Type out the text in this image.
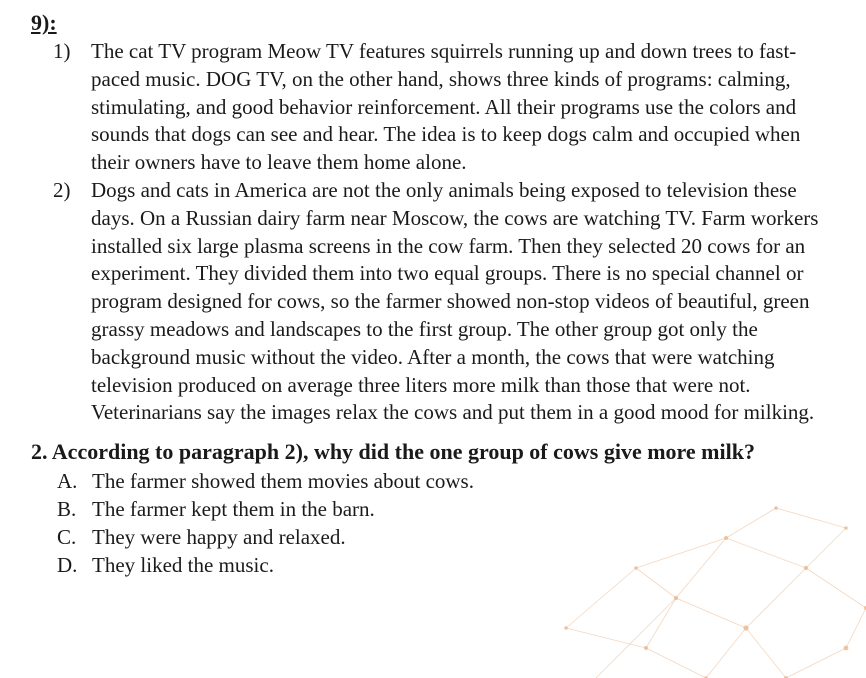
9):
1) The cat TV program Meow TV features squirrels running up and down trees to fast-paced music. DOG TV, on the other hand, shows three kinds of programs: calming, stimulating, and good behavior reinforcement. All their programs use the colors and sounds that dogs can see and hear. The idea is to keep dogs calm and occupied when their owners have to leave them home alone.
2) Dogs and cats in America are not the only animals being exposed to television these days. On a Russian dairy farm near Moscow, the cows are watching TV. Farm workers installed six large plasma screens in the cow farm. Then they selected 20 cows for an experiment. They divided them into two equal groups. There is no special channel or program designed for cows, so the farmer showed non-stop videos of beautiful, green grassy meadows and landscapes to the first group. The other group got only the background music without the video. After a month, the cows that were watching television produced on average three liters more milk than those that were not. Veterinarians say the images relax the cows and put them in a good mood for milking.

2. According to paragraph 2), why did the one group of cows give more milk?

A. The farmer showed them movies about cows.
B. The farmer kept them in the barn.
C. They were happy and relaxed.
D. They liked the music.
